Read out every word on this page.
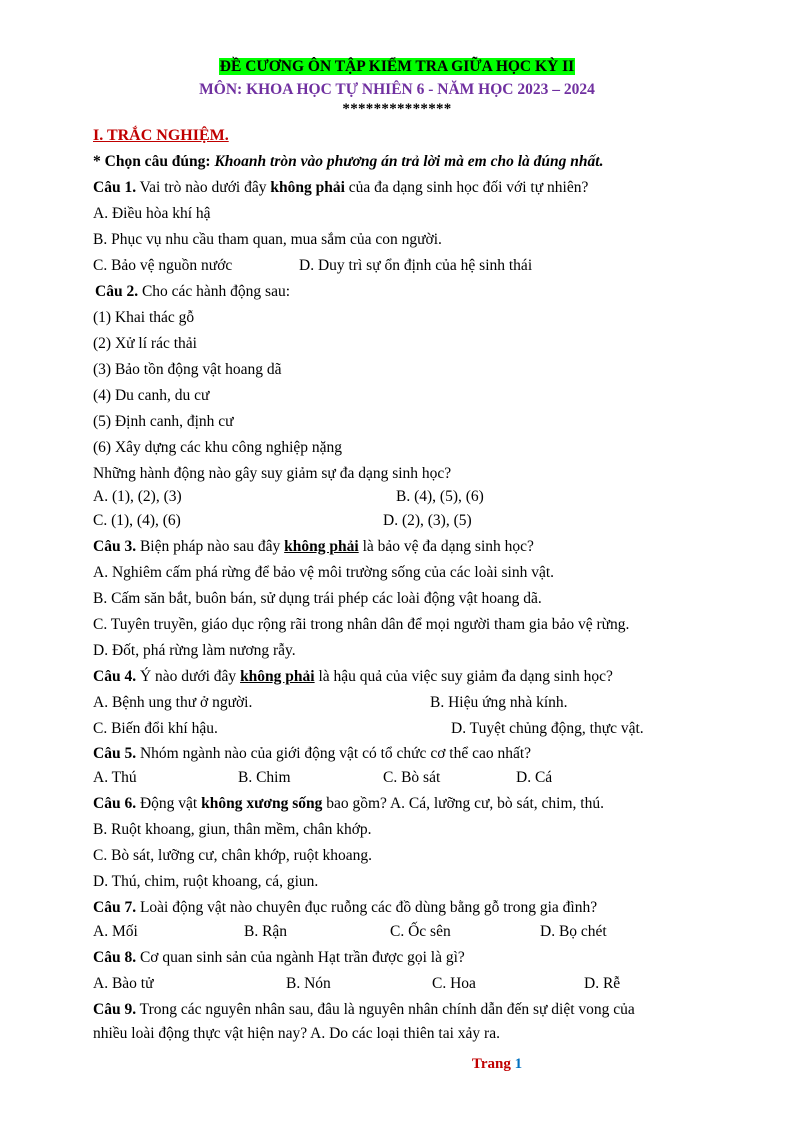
ĐỀ CƯƠNG ÔN TẬP KIỂM TRA GIỮA HỌC KỲ II
MÔN: KHOA HỌC TỰ NHIÊN 6 - NĂM HỌC 2023 – 2024
**************
I. TRẮC NGHIỆM.
* Chọn câu đúng: Khoanh tròn vào phương án trả lời mà em cho là đúng nhất.
Câu 1. Vai trò nào dưới đây không phải của đa dạng sinh học đối với tự nhiên?
A. Điều hòa khí hậ
B. Phục vụ nhu cầu tham quan, mua sắm của con người.
C. Bảo vệ nguồn nước	D. Duy trì sự ổn định của hệ sinh thái
Câu 2. Cho các hành động sau:
(1) Khai thác gỗ
(2) Xử lí rác thải
(3) Bảo tồn động vật hoang dã
(4) Du canh, du cư
(5) Định canh, định cư
(6) Xây dựng các khu công nghiệp nặng
Những hành động nào gây suy giảm sự đa dạng sinh học?
A. (1), (2), (3)	B. (4), (5), (6)
C. (1), (4), (6)	D. (2), (3), (5)
Câu 3. Biện pháp nào sau đây không phải là bảo vệ đa dạng sinh học?
A. Nghiêm cấm phá rừng để bảo vệ môi trường sống của các loài sinh vật.
B. Cấm săn bắt, buôn bán, sử dụng trái phép các loài động vật hoang dã.
C. Tuyên truyền, giáo dục rộng rãi trong nhân dân để mọi người tham gia bảo vệ rừng.
D. Đốt, phá rừng làm nương rẫy.
Câu 4. Ý nào dưới đây không phải là hậu quả của việc suy giảm đa dạng sinh học?
A. Bệnh ung thư ở người.	B. Hiệu ứng nhà kính.
C. Biến đổi khí hậu.	D. Tuyệt chủng động, thực vật.
Câu 5. Nhóm ngành nào của giới động vật có tổ chức cơ thể cao nhất?
A. Thú	B. Chim	C. Bò sát	D. Cá
Câu 6. Động vật không xương sống bao gồm? A. Cá, lưỡng cư, bò sát, chim, thú.
B. Ruột khoang, giun, thân mềm, chân khớp.
C. Bò sát, lưỡng cư, chân khớp, ruột khoang.
D. Thú, chim, ruột khoang, cá, giun.
Câu 7. Loài động vật nào chuyên đục ruỗng các đồ dùng bằng gỗ trong gia đình?
A. Mối	B. Rận	C. Ốc sên	D. Bọ chét
Câu 8. Cơ quan sinh sản của ngành Hạt trần được gọi là gì?
A. Bào tử	B. Nón	C. Hoa	D. Rễ
Câu 9. Trong các nguyên nhân sau, đâu là nguyên nhân chính dẫn đến sự diệt vong của
nhiều loài động thực vật hiện nay? A. Do các loại thiên tai xảy ra.
Trang 1
